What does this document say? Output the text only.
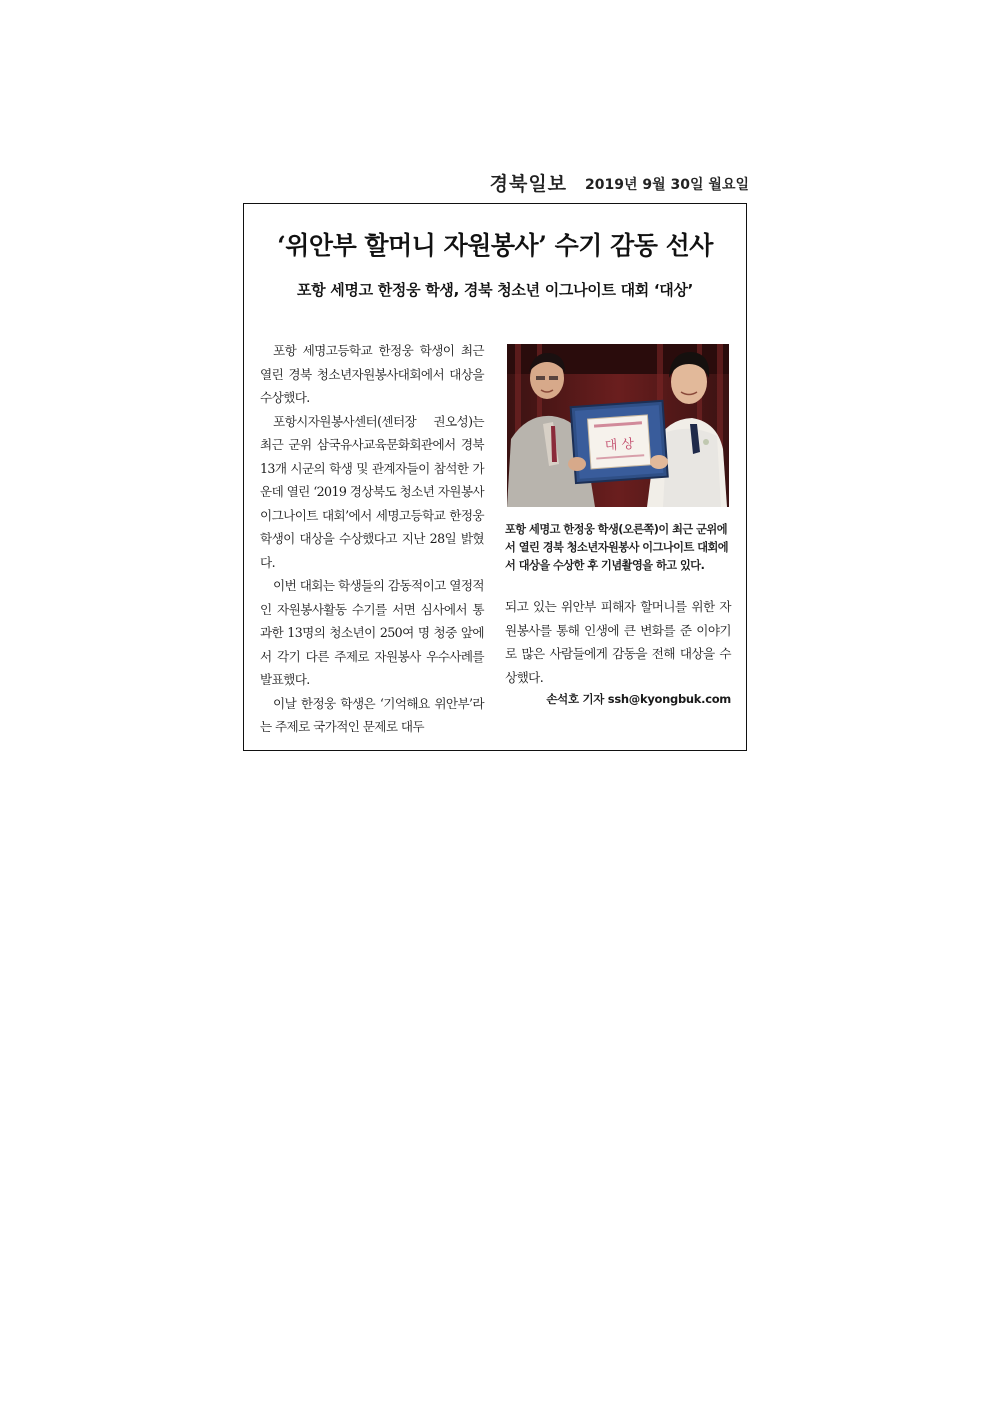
경북일보 2019년 9월 30일 월요일
‘위안부 할머니 자원봉사’ 수기 감동 선사
포항 세명고 한정웅 학생, 경북 청소년 이그나이트 대회 ‘대상’

포항 세명고등학교 한정웅 학생이 최근 열린 경북 청소년자원봉사대회에서 대상을 수상했다.

포항시자원봉사센터(센터장 권오성)는 최근 군위 삼국유사교육문화회관에서 경북 13개 시군의 학생 및 관계자들이 참석한 가운데 열린 ‘2019 경상북도 청소년 자원봉사 이그나이트 대회’에서 세명고등학교 한정웅 학생이 대상을 수상했다고 지난 28일 밝혔다.

이번 대회는 학생들의 감동적이고 열정적인 자원봉사활동 수기를 서면 심사에서 통과한 13명의 청소년이 250여 명 청중 앞에서 각기 다른 주제로 자원봉사 우수사례를 발표했다.

이날 한정웅 학생은 ‘기억해요 위안부’라는 주제로 국가적인 문제로 대두

대 상

포항 세명고 한정웅 학생(오른쪽)이 최근 군위에서 열린 경북 청소년자원봉사 이그나이트 대회에서 대상을 수상한 후 기념촬영을 하고 있다.

되고 있는 위안부 피해자 할머니를 위한 자원봉사를 통해 인생에 큰 변화를 준 이야기로 많은 사람들에게 감동을 전해 대상을 수상했다.

손석호 기자 ssh@kyongbuk.com
